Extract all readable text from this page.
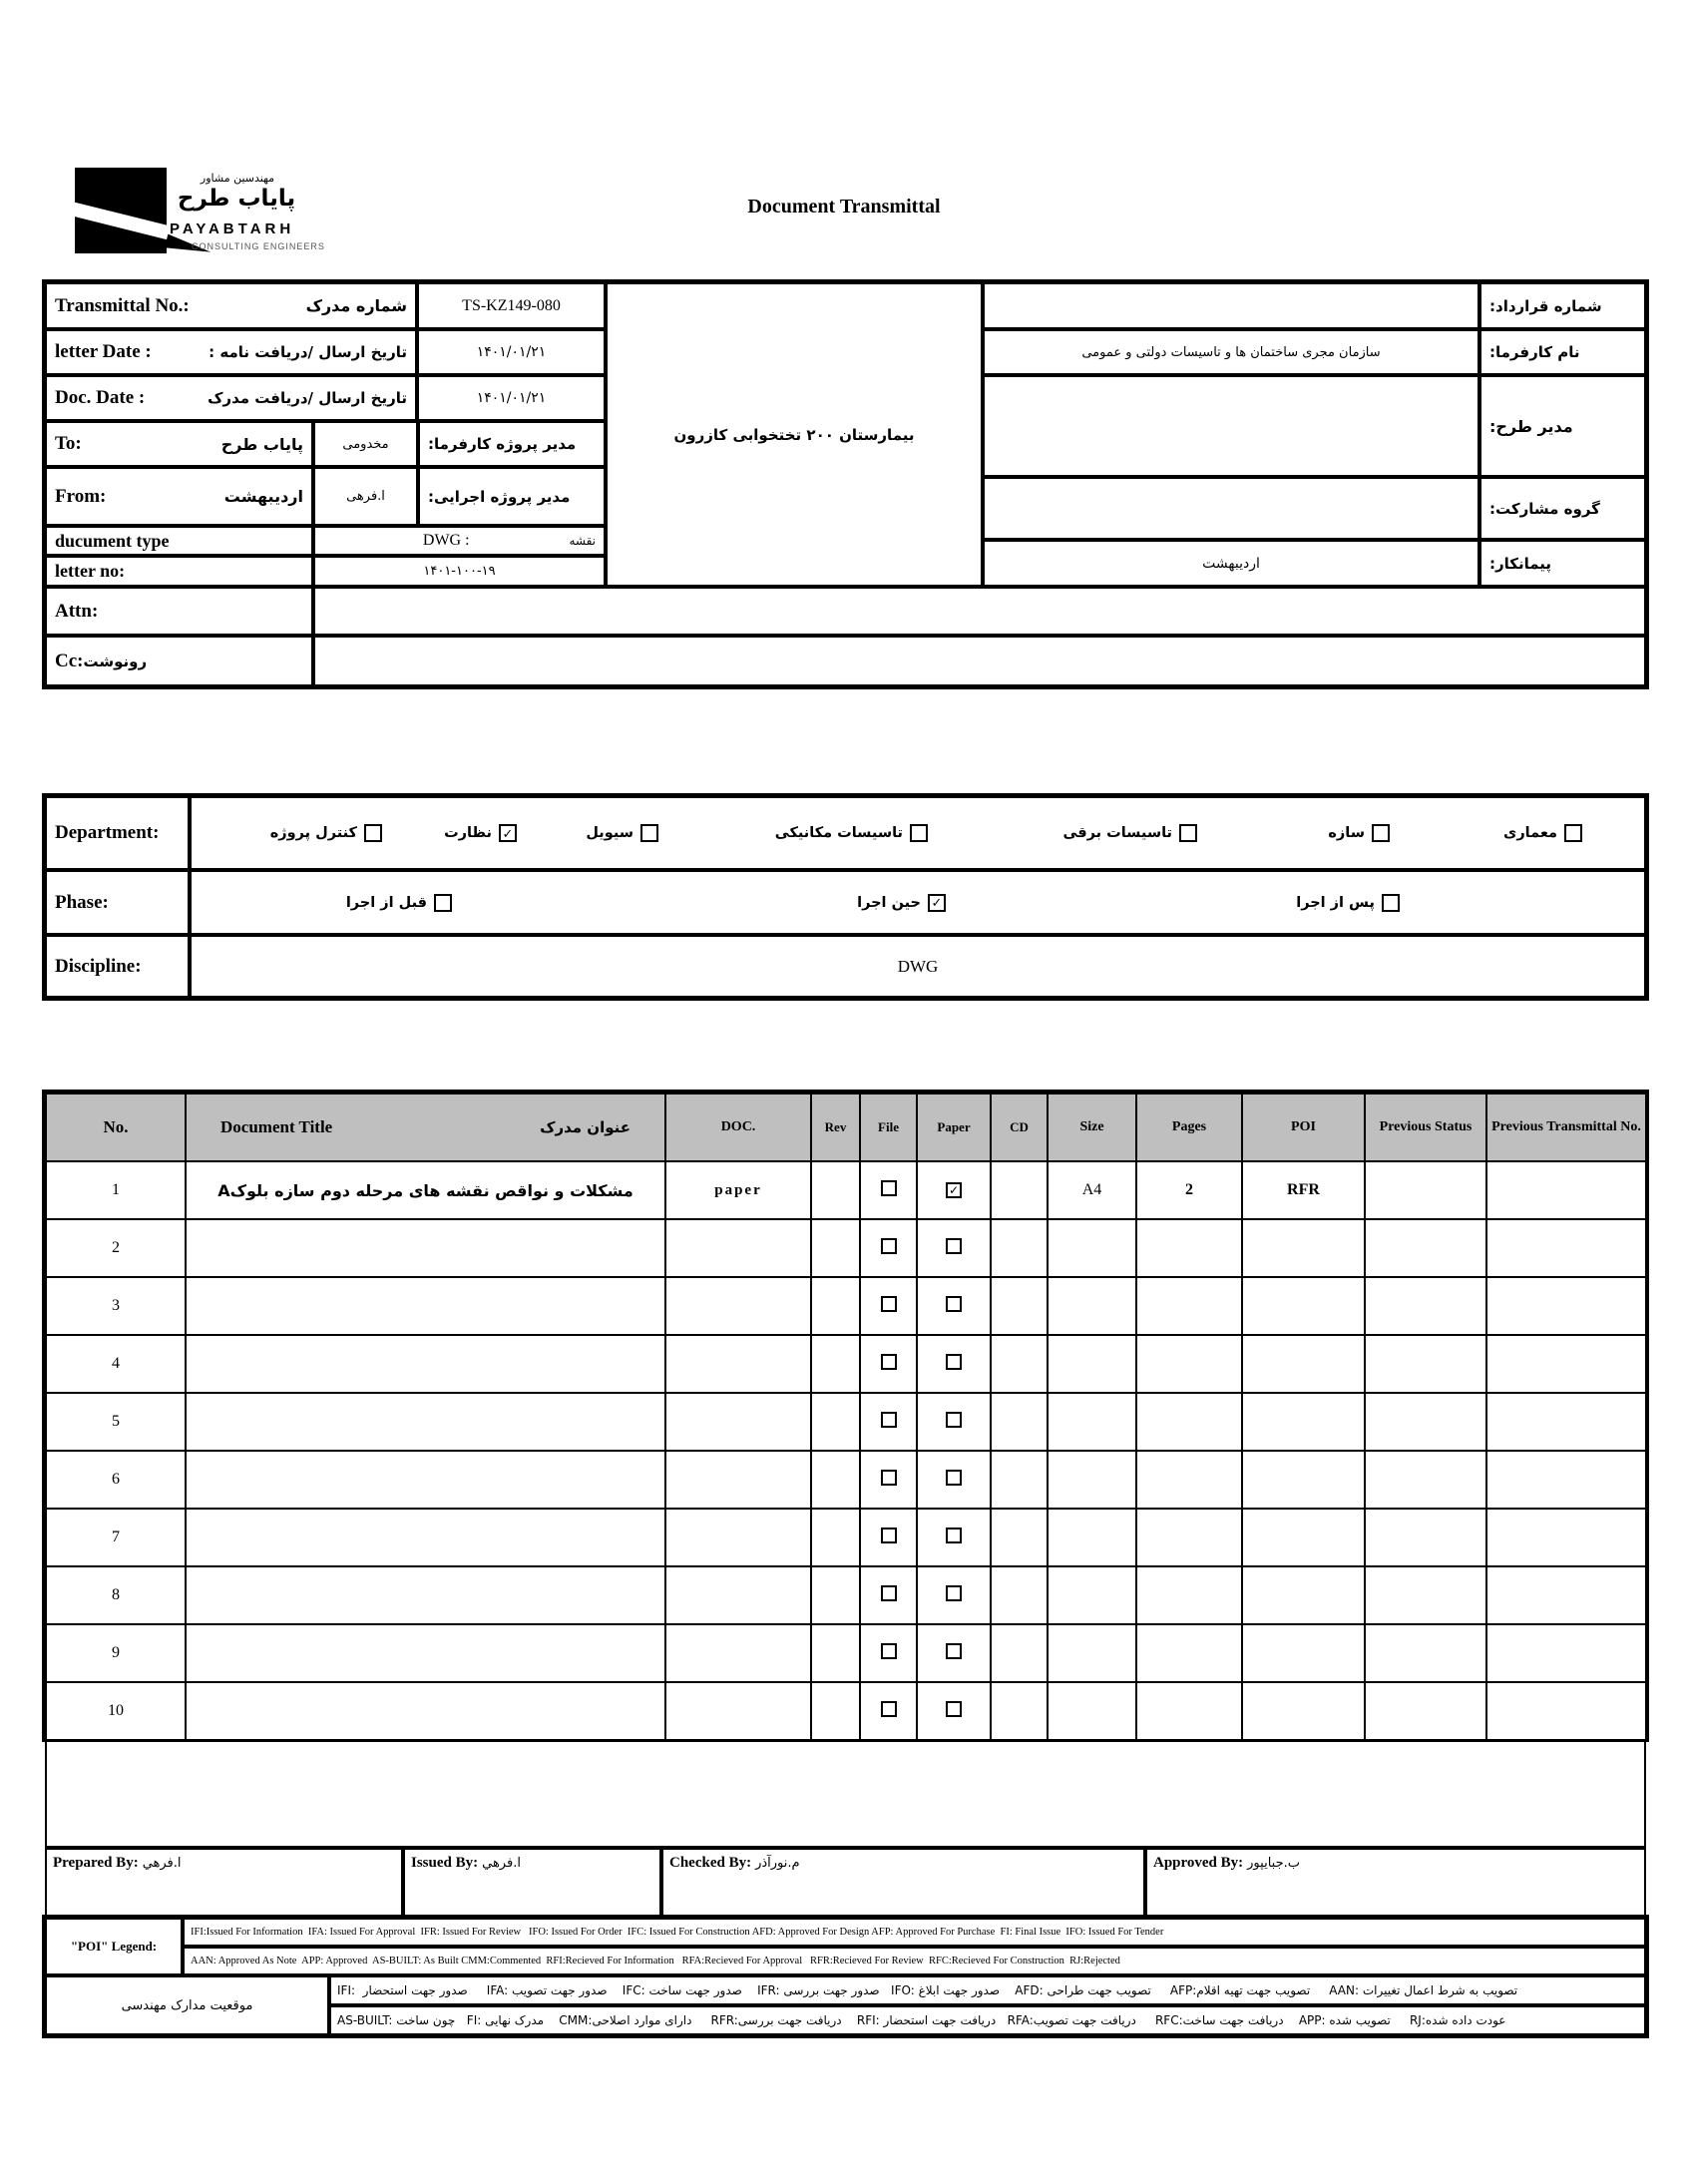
مهندسین مشاور
پایاب طرح
PAYABTARH
CONSULTING ENGINEERS
Document Transmittal
Transmittal No.:	شماره مدرک	TS-KZ149-080
letter Date :	تاریخ ارسال /دریافت نامه :	۱۴۰۱/۰۱/۲۱
Doc. Date :	تاریخ ارسال /دریافت مدرک	۱۴۰۱/۰۱/۲۱
To:	پایاب طرح	مخدومی	مدیر پروژه کارفرما:
From:	اردیبهشت	ا.فرهی	مدیر پروژه اجرایی:
ducument type	DWG :	نقشه
letter no:	۱۴۰۱-۱۰۰-۱۹
Attn:
Cc: رونوشت
بیمارستان ۲۰۰ تختخوابی کازرون
شماره قرارداد:
سازمان مجری ساختمان ها و تاسیسات دولتی و عمومی	نام کارفرما:
مدیر طرح:
گروه مشارکت:
اردیبهشت	پیمانکار:
Department:	کنترل پروژه	نظارت ✓	سیویل	تاسیسات مکانیکی	تاسیسات برقی	سازه	معماری
Phase:	قبل از اجرا	حین اجرا ✓	پس از اجرا
Discipline:	DWG
No.	Document Title عنوان مدرک	DOC.	Rev	File	Paper	CD	Size	Pages	POI	Previous Status	Previous Transmittal No.
1	مشکلات و نواقص نقشه های مرحله دوم سازه بلوکA	paper			✓		A4	2	RFR		
2											
3											
4											
5											
6											
7											
8											
9											
10											
Prepared By: ا.فرهي	Issued By: ا.فرهي	Checked By: م.نورآذر	Approved By: ب.جبایپور
"POI" Legend:
IFI:Issued For Information  IFA: Issued For Approval  IFR: Issued For Review   IFO: Issued For Order  IFC: Issued For Construction AFD: Approved For Design AFP: Approved For Purchase  FI: Final Issue  IFO: Issued For Tender
AAN: Approved As Note  APP: Approved  AS-BUILT: As Built CMM:Commented  RFI:Recieved For Information   RFA:Recieved For Approval   RFR:Recieved For Review  RFC:Recieved For Construction  RJ:Rejected
موقعیت مدارک مهندسی
IFI:  صدور جهت استحضار     IFA: صدور جهت تصویب    IFC: صدور جهت ساخت    IFR: صدور جهت بررسی   IFO: صدور جهت ابلاغ    AFD: تصویب جهت طراحی     AFP:تصویب جهت تهیه اقلام     AAN: تصویب به شرط اعمال تغییرات
AS-BUILT: چون ساخت   FI: مدرک نهایی    CMM:دارای موارد اصلاحی     RFR:دریافت جهت بررسی    RFI: دریافت جهت استحضار   RFA:دریافت جهت تصویب     RFC:دریافت جهت ساخت    APP: تصویب شده     RJ:عودت داده شده
